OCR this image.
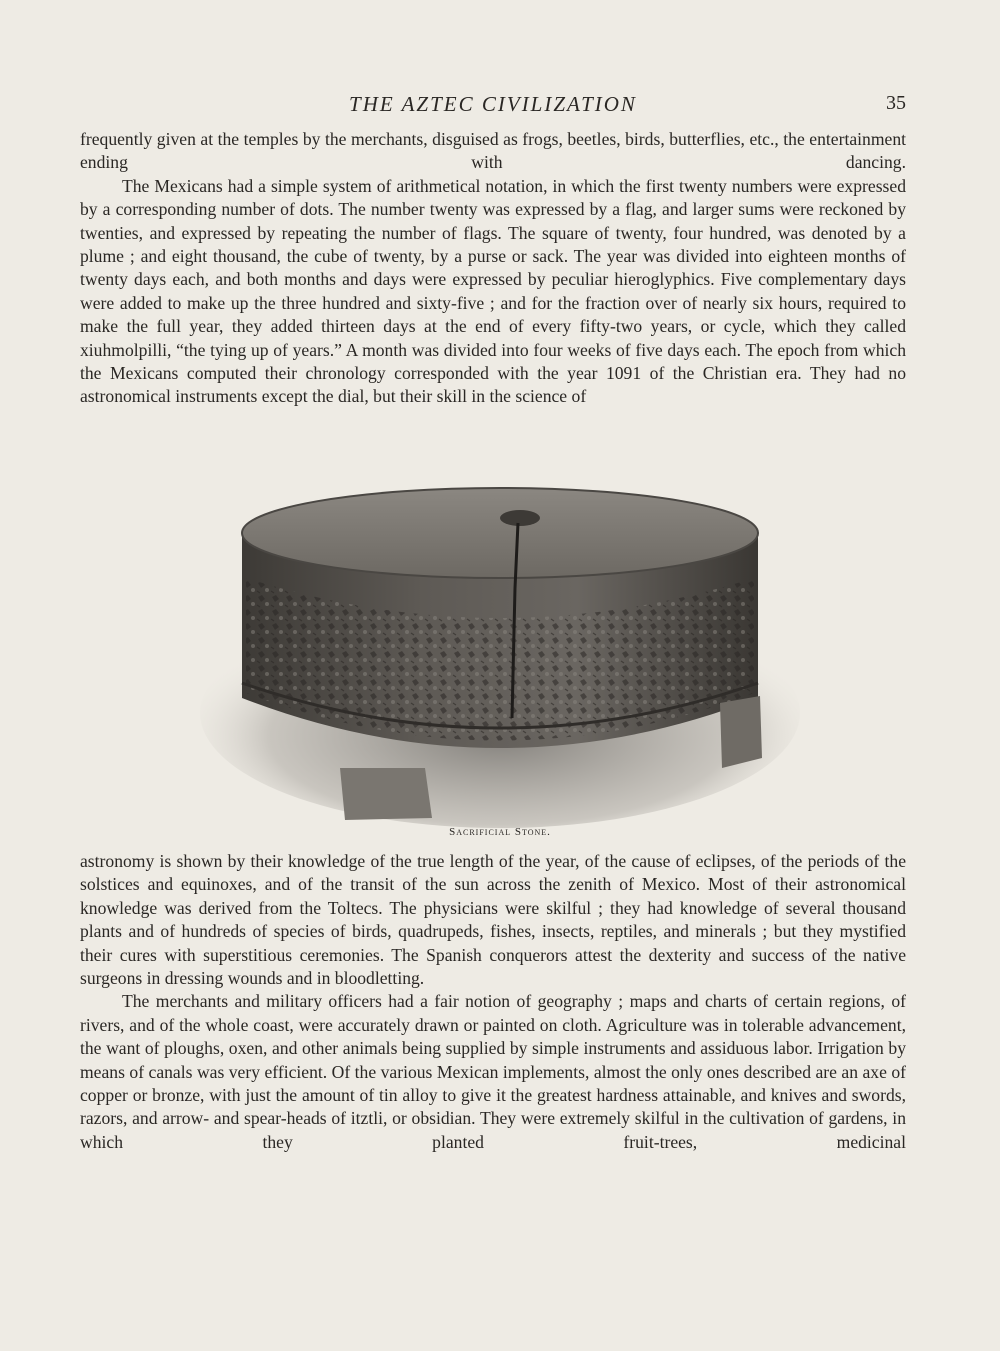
THE AZTEC CIVILIZATION	35

frequently given at the temples by the merchants, disguised as frogs, beetles, birds, butterflies, etc., the entertainment ending with dancing.

The Mexicans had a simple system of arithmetical notation, in which the first twenty numbers were expressed by a corresponding number of dots. The number twenty was expressed by a flag, and larger sums were reckoned by twenties, and expressed by repeating the number of flags. The square of twenty, four hundred, was denoted by a plume ; and eight thousand, the cube of twenty, by a purse or sack. The year was divided into eighteen months of twenty days each, and both months and days were expressed by peculiar hieroglyphics. Five complementary days were added to make up the three hundred and sixty-five ; and for the fraction over of nearly six hours, required to make the full year, they added thirteen days at the end of every fifty-two years, or cycle, which they called xiuhmolpilli, “the tying up of years.” A month was divided into four weeks of five days each. The epoch from which the Mexicans computed their chronology corresponded with the year 1091 of the Christian era. They had no astronomical instruments except the dial, but their skill in the science of

Sacrificial Stone.

astronomy is shown by their knowledge of the true length of the year, of the cause of eclipses, of the periods of the solstices and equinoxes, and of the transit of the sun across the zenith of Mexico. Most of their astronomical knowledge was derived from the Toltecs. The physicians were skilful ; they had knowledge of several thousand plants and of hundreds of species of birds, quadrupeds, fishes, insects, reptiles, and minerals ; but they mystified their cures with superstitious ceremonies. The Spanish conquerors attest the dexterity and success of the native surgeons in dressing wounds and in bloodletting.

The merchants and military officers had a fair notion of geography ; maps and charts of certain regions, of rivers, and of the whole coast, were accurately drawn or painted on cloth. Agriculture was in tolerable advancement, the want of ploughs, oxen, and other animals being supplied by simple instruments and assiduous labor. Irrigation by means of canals was very efficient. Of the various Mexican implements, almost the only ones described are an axe of copper or bronze, with just the amount of tin alloy to give it the greatest hardness attainable, and knives and swords, razors, and arrow- and spear-heads of itztli, or obsidian. They were extremely skilful in the cultivation of gardens, in which they planted fruit-trees, medicinal
